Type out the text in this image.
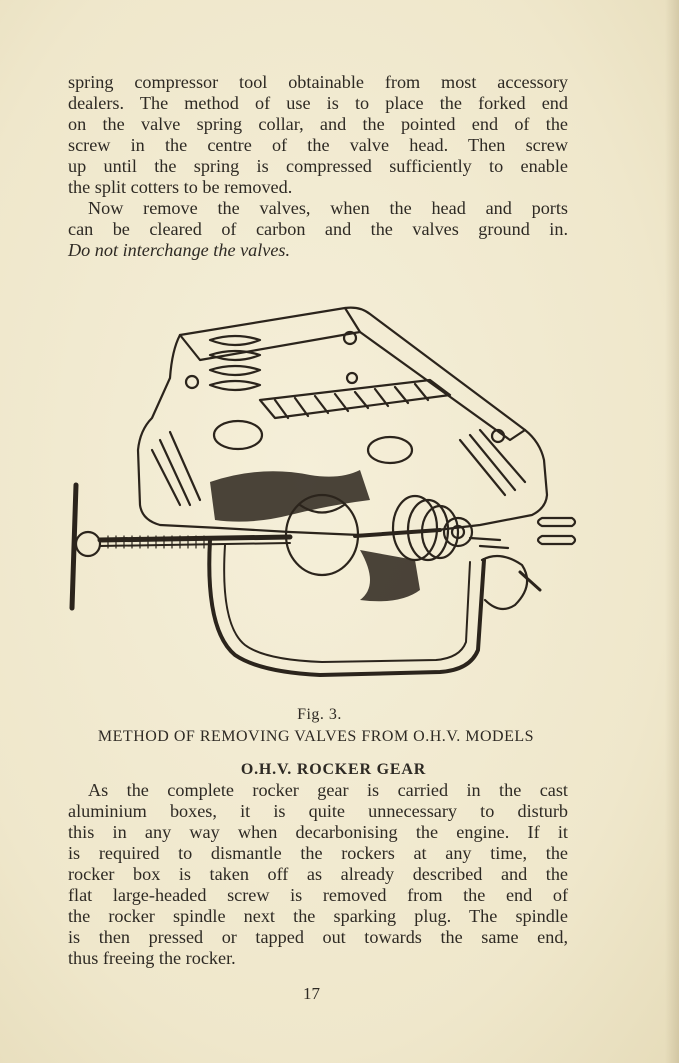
spring compressor tool obtainable from most accessory
dealers. The method of use is to place the forked end
on the valve spring collar, and the pointed end of the
screw in the centre of the valve head. Then screw
up until the spring is compressed sufficiently to enable
the split cotters to be removed.
Now remove the valves, when the head and ports
can be cleared of carbon and the valves ground in.
Do not interchange the valves.
Fig. 3.
METHOD OF REMOVING VALVES FROM O.H.V. MODELS
O.H.V. ROCKER GEAR
As the complete rocker gear is carried in the cast
aluminium boxes, it is quite unnecessary to disturb
this in any way when decarbonising the engine. If it
is required to dismantle the rockers at any time, the
rocker box is taken off as already described and the
flat large-headed screw is removed from the end of
the rocker spindle next the sparking plug. The spindle
is then pressed or tapped out towards the same end,
thus freeing the rocker.
17
